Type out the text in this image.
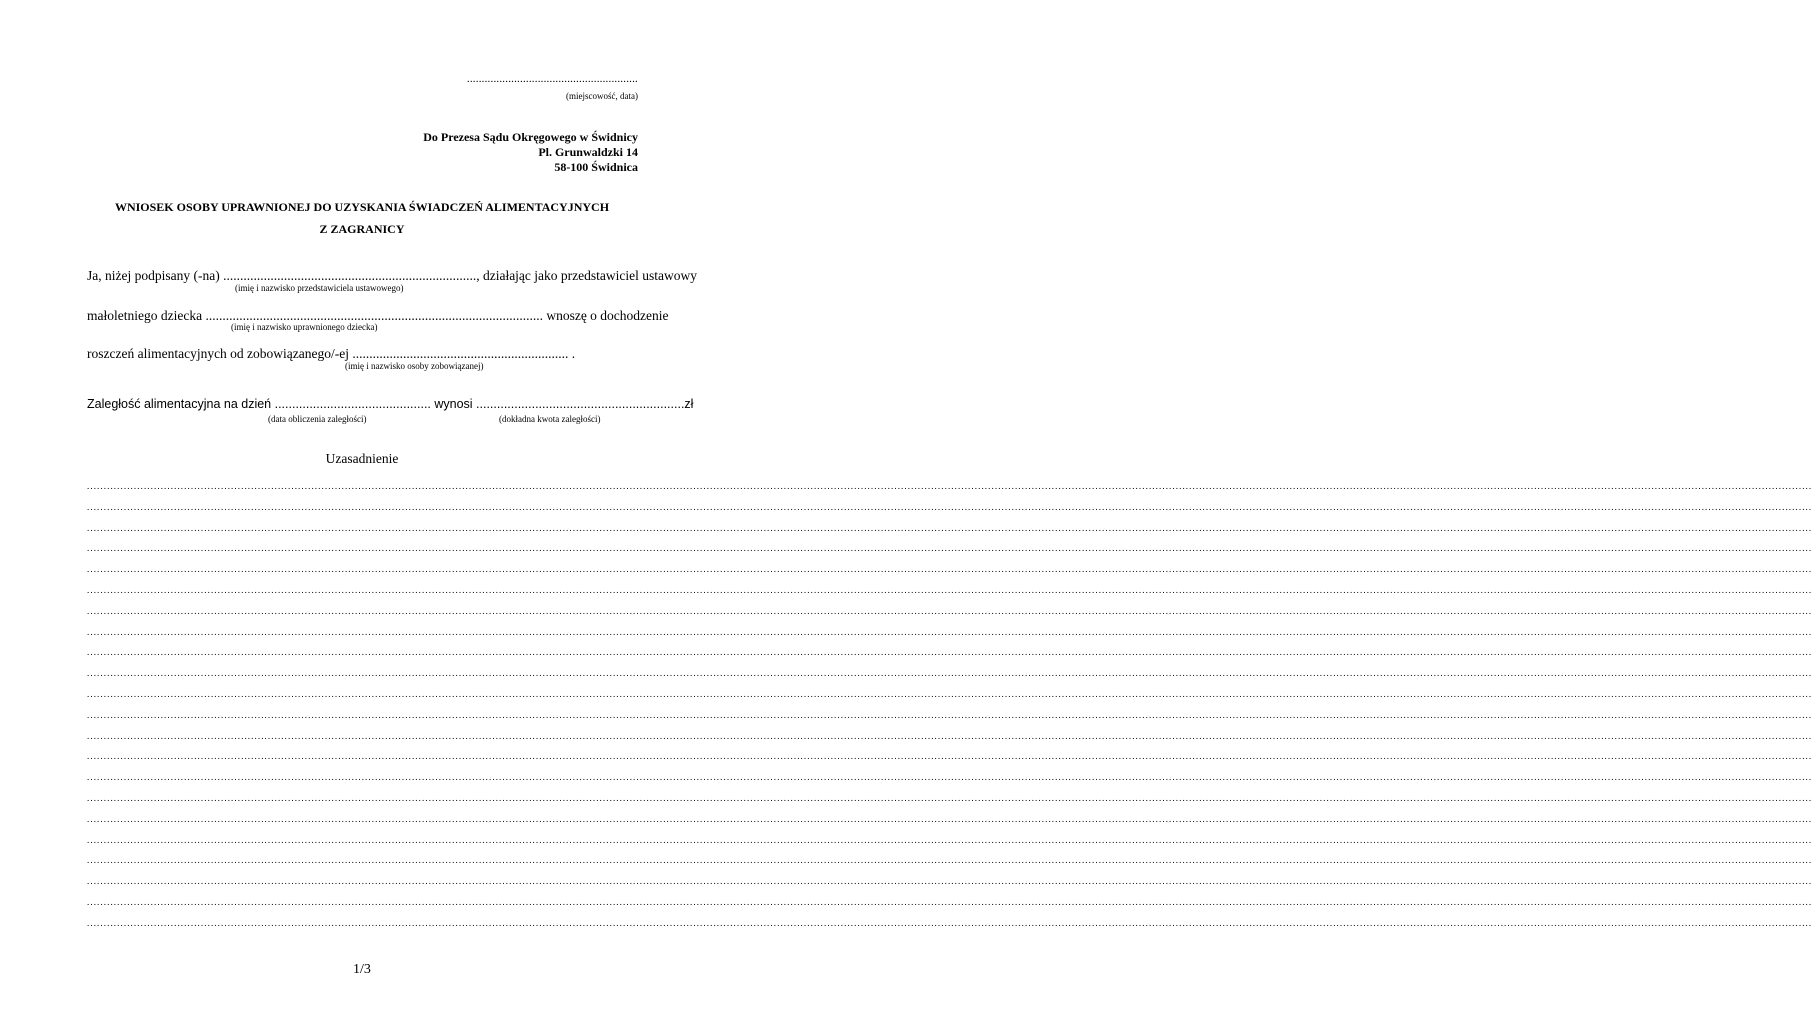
..........................................................
(miejscowość, data)
Do Prezesa Sądu Okręgowego w Świdnicy
Pl. Grunwaldzki 14
58-100 Świdnica
WNIOSEK OSOBY UPRAWNIONEJ DO UZYSKANIA ŚWIADCZEŃ ALIMENTACYJNYCH
Z ZAGRANICY
Ja, niżej podpisany (-na) ..........................................................................., działając jako przedstawiciel ustawowy
(imię i nazwisko przedstawiciela ustawowego)
małoletniego dziecka .................................................................................................... wnoszę o dochodzenie
(imię i nazwisko uprawnionego dziecka)
roszczeń alimentacyjnych od zobowiązanego/-ej ................................................................ .
(imię i nazwisko osoby zobowiązanej)
Zaległość alimentacyjna na dzień ............................................. wynosi ............................................................ zł
(data obliczenia zaległości)	(dokładna kwota zaległości)
Uzasadnienie
...................................................................................................................................................................................................................................................................................................................................................................................................................................................................................................................................
...................................................................................................................................................................................................................................................................................................................................................................................................................................................................................................................................
...................................................................................................................................................................................................................................................................................................................................................................................................................................................................................................................................
...................................................................................................................................................................................................................................................................................................................................................................................................................................................................................................................................
...................................................................................................................................................................................................................................................................................................................................................................................................................................................................................................................................
...................................................................................................................................................................................................................................................................................................................................................................................................................................................................................................................................
...................................................................................................................................................................................................................................................................................................................................................................................................................................................................................................................................
...................................................................................................................................................................................................................................................................................................................................................................................................................................................................................................................................
...................................................................................................................................................................................................................................................................................................................................................................................................................................................................................................................................
...................................................................................................................................................................................................................................................................................................................................................................................................................................................................................................................................
...................................................................................................................................................................................................................................................................................................................................................................................................................................................................................................................................
...................................................................................................................................................................................................................................................................................................................................................................................................................................................................................................................................
...................................................................................................................................................................................................................................................................................................................................................................................................................................................................................................................................
...................................................................................................................................................................................................................................................................................................................................................................................................................................................................................................................................
...................................................................................................................................................................................................................................................................................................................................................................................................................................................................................................................................
...................................................................................................................................................................................................................................................................................................................................................................................................................................................................................................................................
...................................................................................................................................................................................................................................................................................................................................................................................................................................................................................................................................
...................................................................................................................................................................................................................................................................................................................................................................................................................................................................................................................................
...................................................................................................................................................................................................................................................................................................................................................................................................................................................................................................................................
...................................................................................................................................................................................................................................................................................................................................................................................................................................................................................................................................
...................................................................................................................................................................................................................................................................................................................................................................................................................................................................................................................................
...................................................................................................................................................................................................................................................................................................................................................................................................................................................................................................................................
1/3
